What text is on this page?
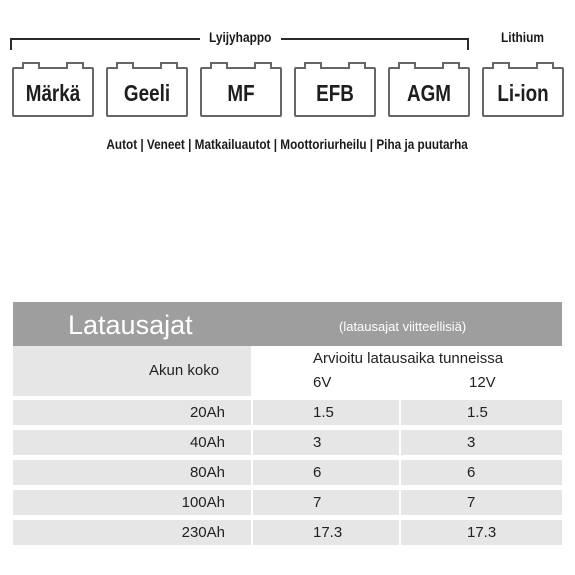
Lyijyhappo	Lithium
Märkä	Geeli	MF	EFB	AGM	Li-ion
Autot | Veneet | Matkailuautot | Moottoriurheilu | Piha ja puutarha
Latausajat	(latausajat viitteellisiä)
Akun koko
Arvioitu latausaika tunneissa
6V	12V
20Ah	1.5	1.5
40Ah	3	3
80Ah	6	6
100Ah	7	7
230Ah	17.3	17.3
